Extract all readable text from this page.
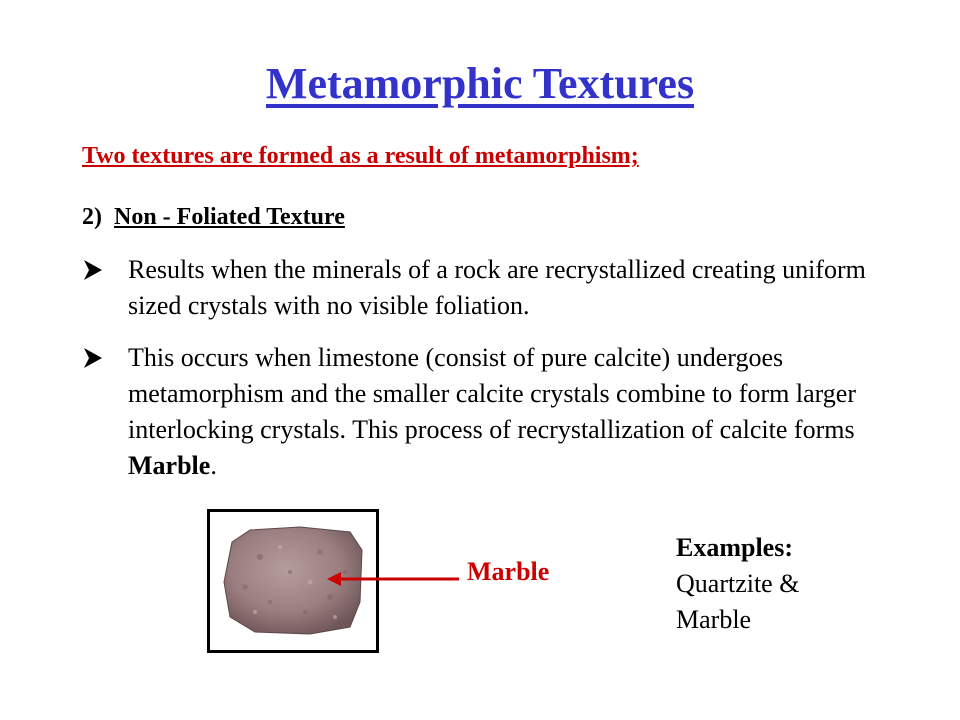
Metamorphic Textures
Two textures are formed as a result of metamorphism;
2) Non - Foliated Texture
Results when the minerals of a rock are recrystallized creating uniform sized crystals with no visible foliation.
This occurs when limestone (consist of pure calcite) undergoes metamorphism and the smaller calcite crystals combine to form larger interlocking crystals. This process of recrystallization of calcite forms Marble.
Marble
Examples:
Quartzite &
Marble
